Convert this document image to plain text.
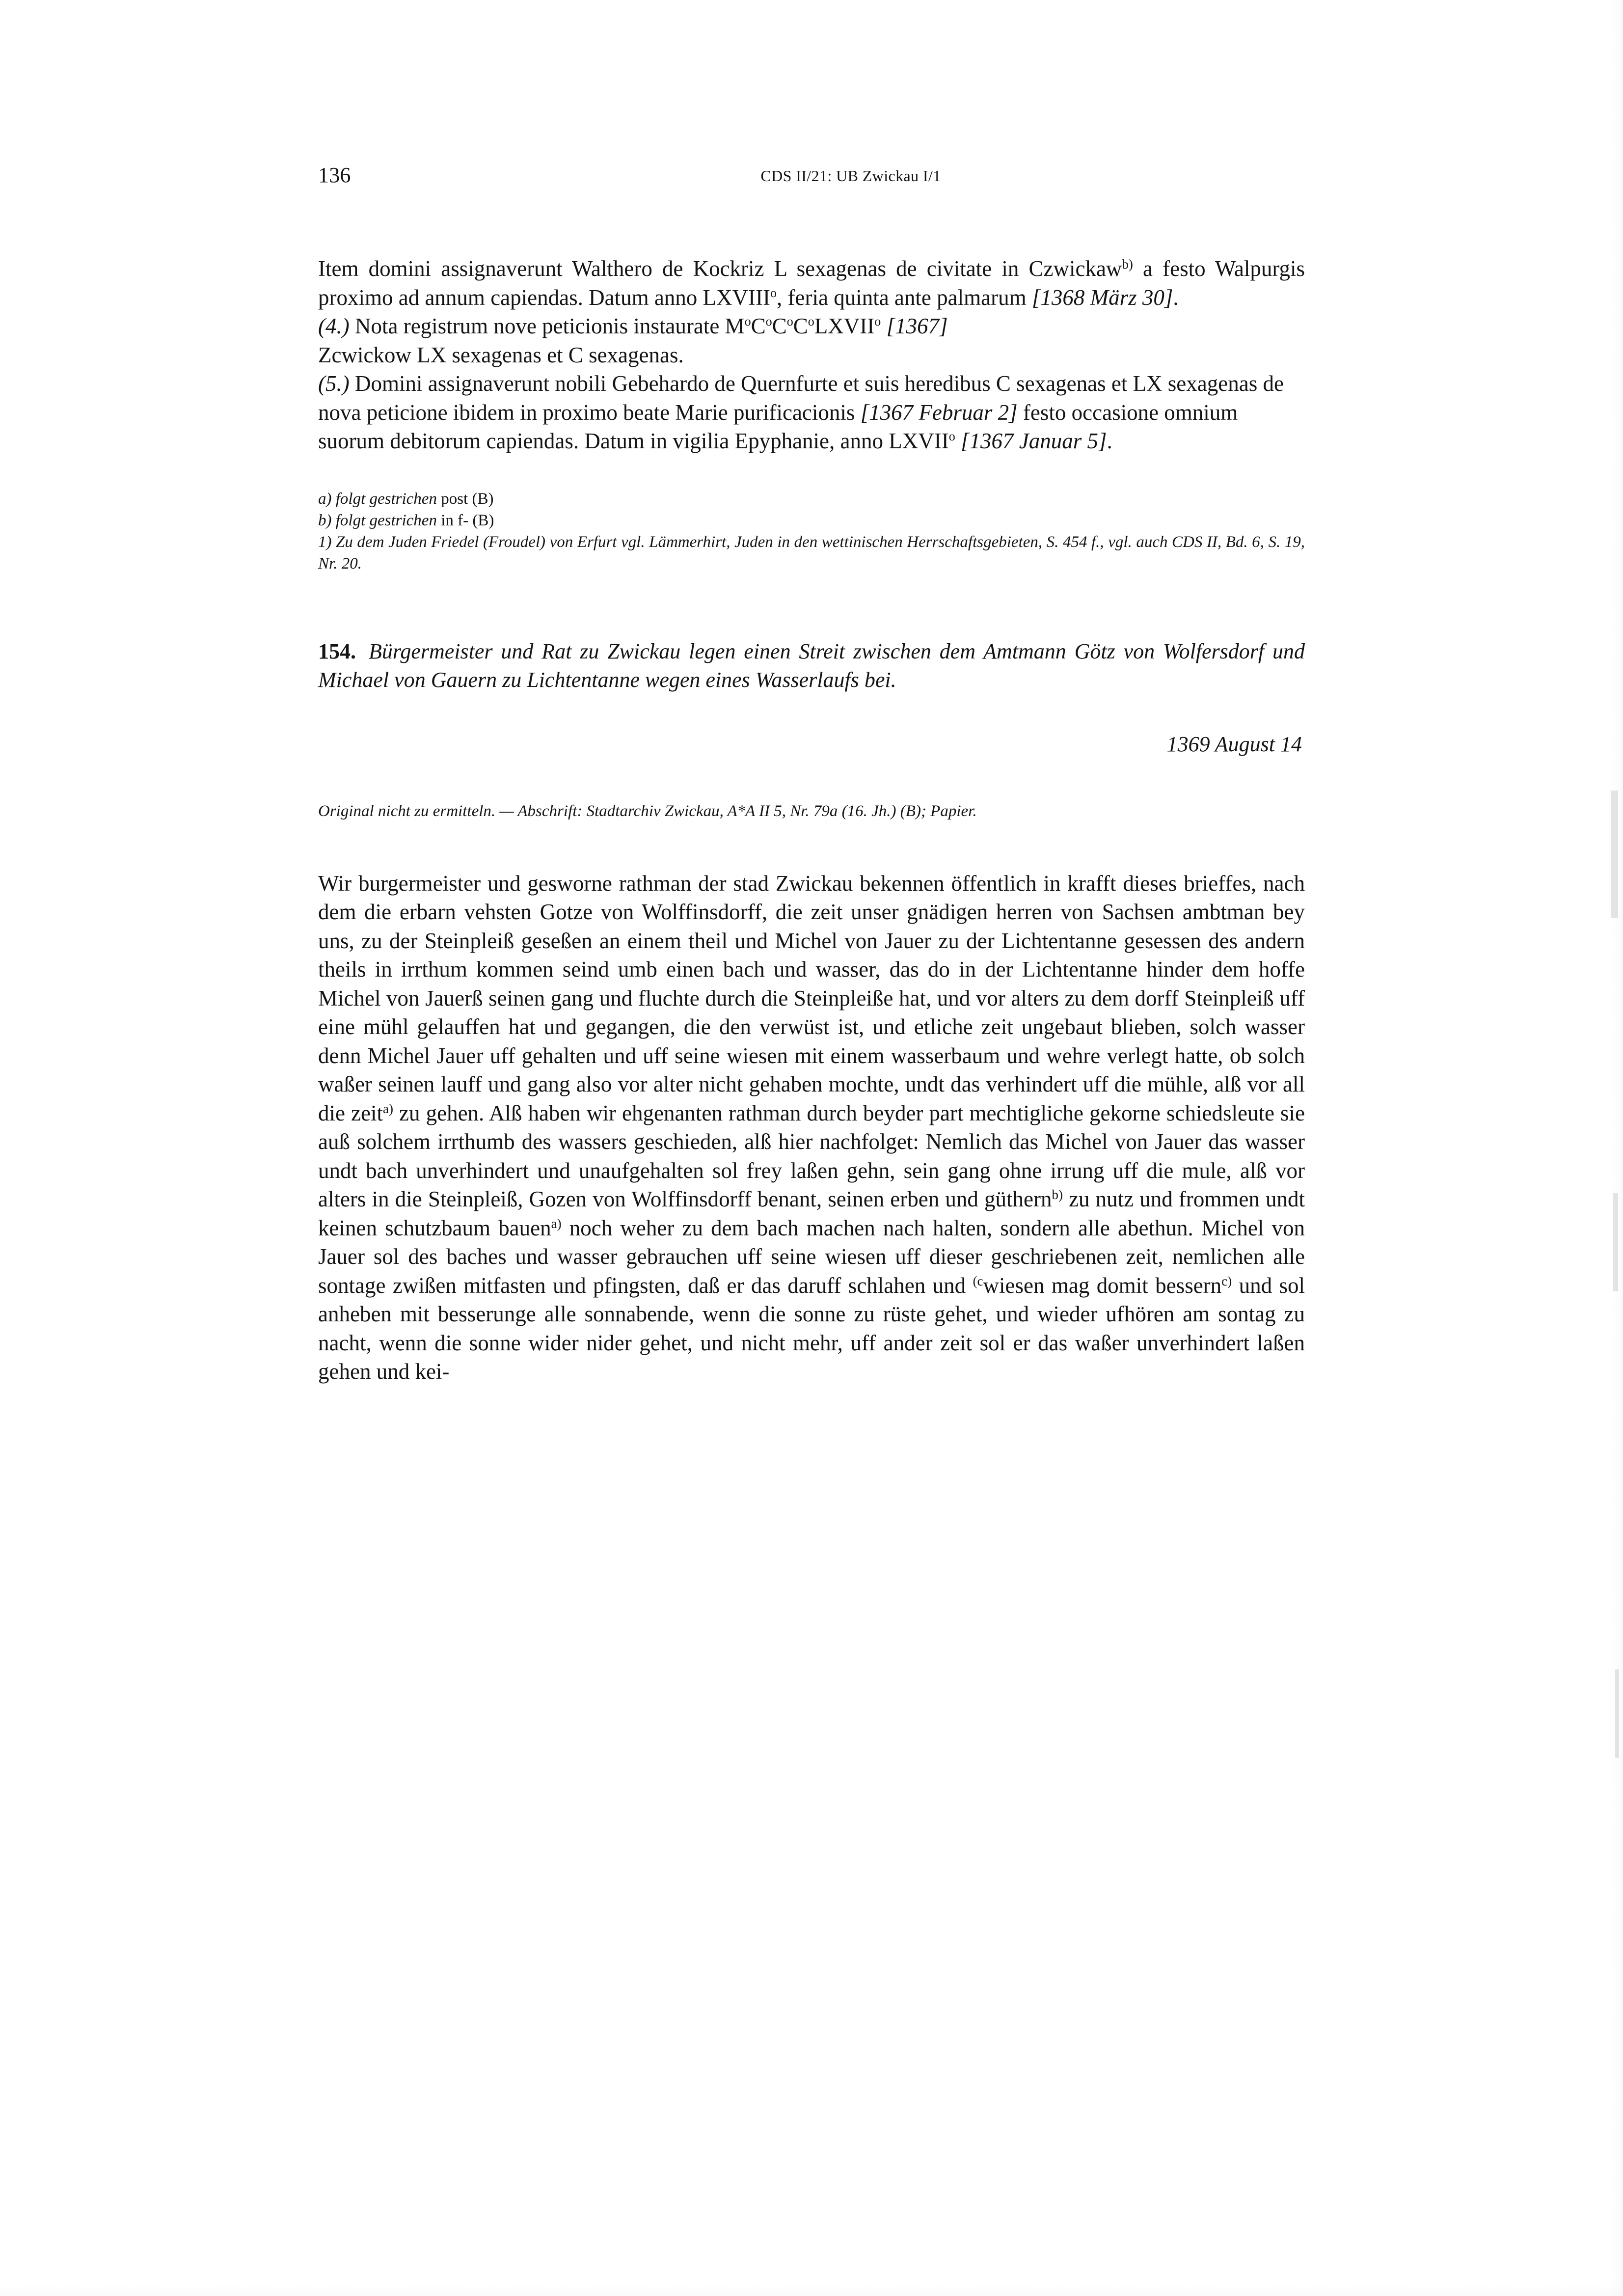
136	CDS II/21: UB Zwickau I/1

Item domini assignaverunt Walthero de Kockriz L sexagenas de civitate in Czwickaw$^{b)}$ a festo Walpurgis proximo ad annum capiendas. Datum anno LXVIII$^o$, feria quinta ante palmarum [1368 März 30].

(4.) Nota registrum nove peticionis instaurate $M^oC^oC^oC^oLXVII^o$ [1367]

Zcwickow LX sexagenas et C sexagenas.

(5.) Domini assignaverunt nobili Gebehardo de Quernfurte et suis heredibus C sexagenas et LX sexagenas de nova peticione ibidem in proximo beate Marie purificacionis [1367 Februar 2] festo occasione omnium suorum debitorum capiendas. Datum in vigilia Epyphanie, anno LXVII$^o$ [1367 Januar 5].

a) folgt gestrichen post (B)

b) folgt gestrichen in f- (B)

1) Zu dem Juden Friedel (Froudel) von Erfurt vgl. Lämmerhirt, Juden in den wettinischen Herrschaftsgebieten, S. 454 f., vgl. auch CDS II, Bd. 6, S. 19, Nr. 20.

154. Bürgermeister und Rat zu Zwickau legen einen Streit zwischen dem Amtmann Götz von Wolfersdorf und Michael von Gauern zu Lichtentanne wegen eines Wasserlaufs bei.

1369 August 14
Original nicht zu ermitteln. — Abschrift: Stadtarchiv Zwickau, A*A II 5, Nr. 79a (16. Jh.) (B); Papier.

Wir burgermeister und gesworne rathman der stad Zwickau bekennen öffentlich in krafft dieses brieffes, nach dem die erbarn vehsten Gotze von Wolffinsdorff, die zeit unser gnädigen herren von Sachsen ambtman bey uns, zu der Steinpleiß geseßen an einem theil und Michel von Jauer zu der Lichtentanne gesessen des andern theils in irrthum kommen seind umb einen bach und wasser, das do in der Lichtentanne hinder dem hoffe Michel von Jauerß seinen gang und fluchte durch die Steinpleiße hat, und vor alters zu dem dorff Steinpleiß uff eine mühl gelauffen hat und gegangen, die den verwüst ist, und etliche zeit ungebaut blieben, solch wasser denn Michel Jauer uff gehalten und uff seine wiesen mit einem wasserbaum und wehre verlegt hatte, ob solch waßer seinen lauff und gang also vor alter nicht gehaben mochte, undt das verhindert uff die mühle, alß vor all die zeit$^{a)}$ zu gehen. Alß haben wir ehgenanten rathman durch beyder part mechtigliche gekorne schiedsleute sie auß solchem irrthumb des wassers geschieden, alß hier nachfolget: Nemlich das Michel von Jauer das wasser undt bach unverhindert und unaufgehalten sol frey laßen gehn, sein gang ohne irrung uff die mule, alß vor alters in die Steinpleiß, Gozen von Wolffinsdorff benant, seinen erben und güthern$^{b)}$ zu nutz und frommen undt keinen schutzbaum bauen$^{a)}$ noch weher zu dem bach machen nach halten, sondern alle abethun. Michel von Jauer sol des baches und wasser gebrauchen uff seine wiesen uff dieser geschriebenen zeit, nemlichen alle sontage zwißen mitfasten und pfingsten, daß er das daruff schlahen und $^{(c}$wiesen mag domit bessern$^{c)}$ und sol anheben mit besserunge alle sonnabende, wenn die sonne zu rüste gehet, und wieder ufhören am sontag zu nacht, wenn die sonne wider nider gehet, und nicht mehr, uff ander zeit sol er das waßer unverhindert laßen gehen und kei-
